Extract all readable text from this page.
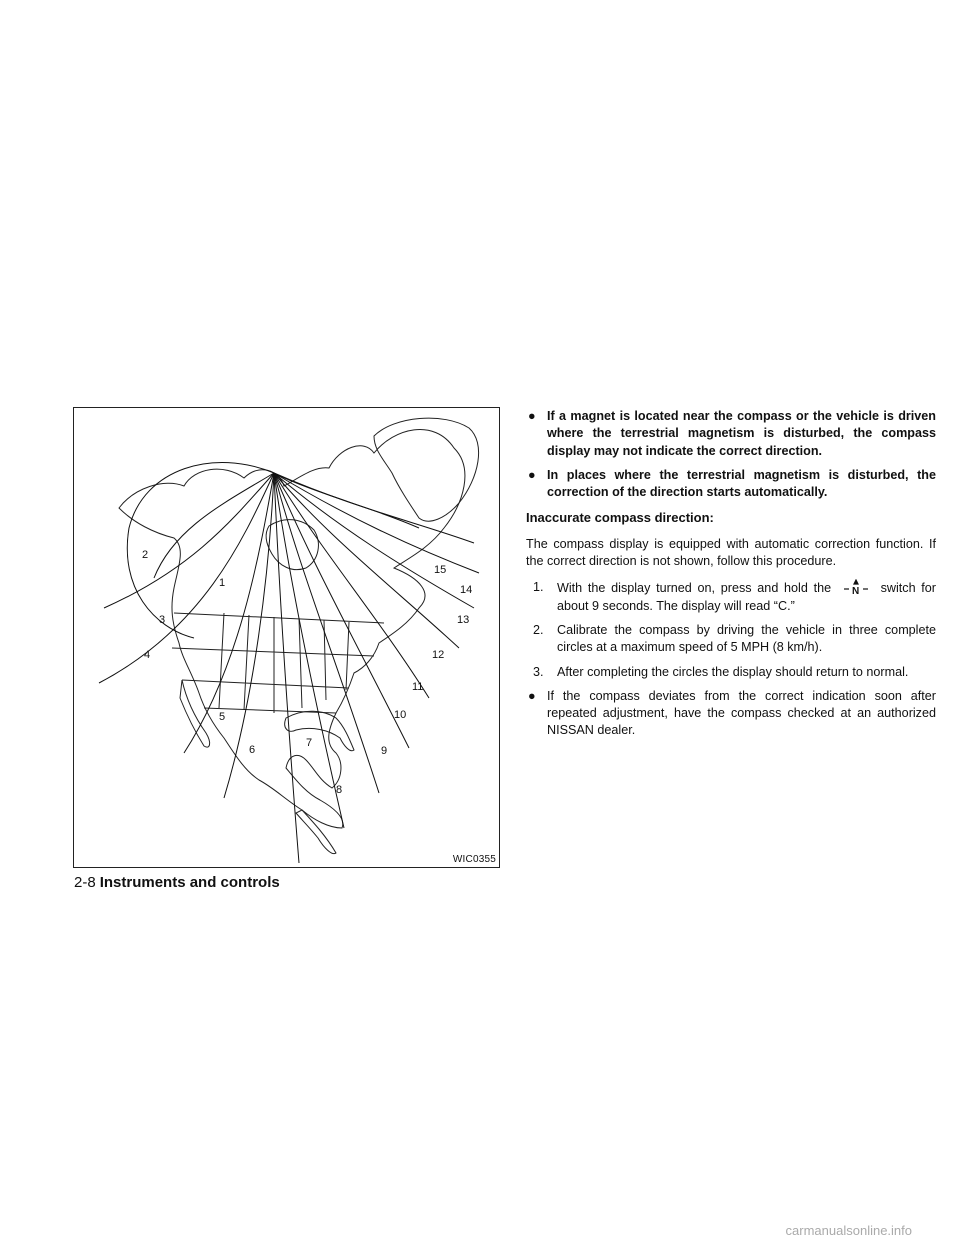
1
2
3
4
5
6
7
8
9
10
11
12
13
14
15
WIC0355
2-8 Instruments and controls
● If a magnet is located near the compass or the vehicle is driven where the terrestrial magnetism is disturbed, the compass display may not indicate the correct direction.
● In places where the terrestrial magnetism is disturbed, the correction of the direction starts automatically.
Inaccurate compass direction:
The compass display is equipped with automatic correction function. If the correct direction is not shown, follow this procedure.
1. With the display turned on, press and hold the N switch for about 9 seconds. The display will read “C.”
2. Calibrate the compass by driving the vehicle in three complete circles at a maximum speed of 5 MPH (8 km/h).
3. After completing the circles the display should return to normal.
● If the compass deviates from the correct indication soon after repeated adjustment, have the compass checked at an authorized NISSAN dealer.
carmanualsonline.info
